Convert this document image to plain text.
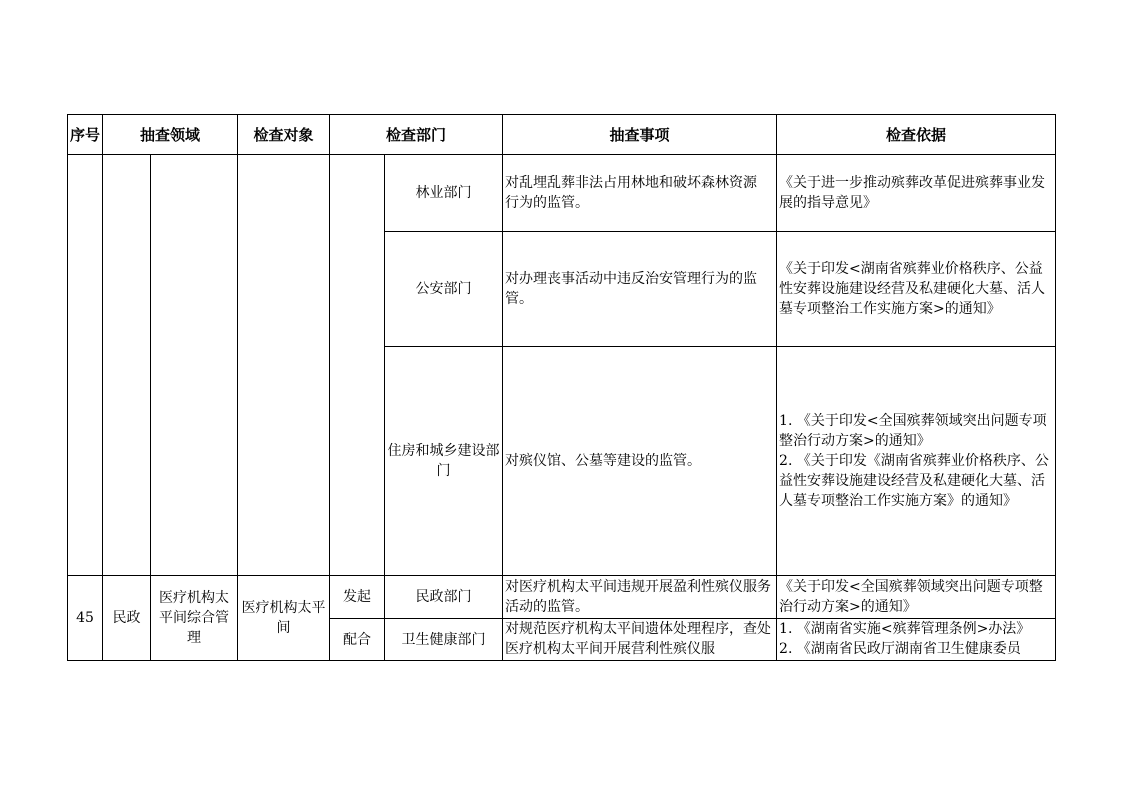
序号	抽查领域		检查对象	检查部门		抽查事项	检查依据
					林业部门	对乱埋乱葬非法占用林地和破坏森林资源 行为的监管。	《关于进一步推动殡葬改革促进殡葬事业发展的指导意见》
					公安部门	对办理丧事活动中违反治安管理行为的监管。	《关于印发<湖南省殡葬业价格秩序、公益性安葬设施建设经营及私建硬化大墓、活人墓专项整治工作实施方案>的通知》
					住房和城乡建设部门	对殡仪馆、公墓等建设的监管。	1. 《关于印发<全国殡葬领域突出问题专项整治行动方案>的通知》
2. 《关于印发《湖南省殡葬业价格秩序、公益性安葬设施建设经营及私建硬化大墓、活人墓专项整治工作实施方案》的通知》
45	民政	医疗机构太平间综合管理	医疗机构太平间	发起	民政部门	对医疗机构太平间违规开展盈利性殡仪服务活动的监管。	《关于印发<全国殡葬领域突出问题专项整治行动方案>的通知》
				配合	卫生健康部门	对规范医疗机构太平间遗体处理程序，查处医疗机构太平间开展营利性殡仪服	1. 《湖南省实施<殡葬管理条例>办法》
2. 《湖南省民政厅湖南省卫生健康委员
